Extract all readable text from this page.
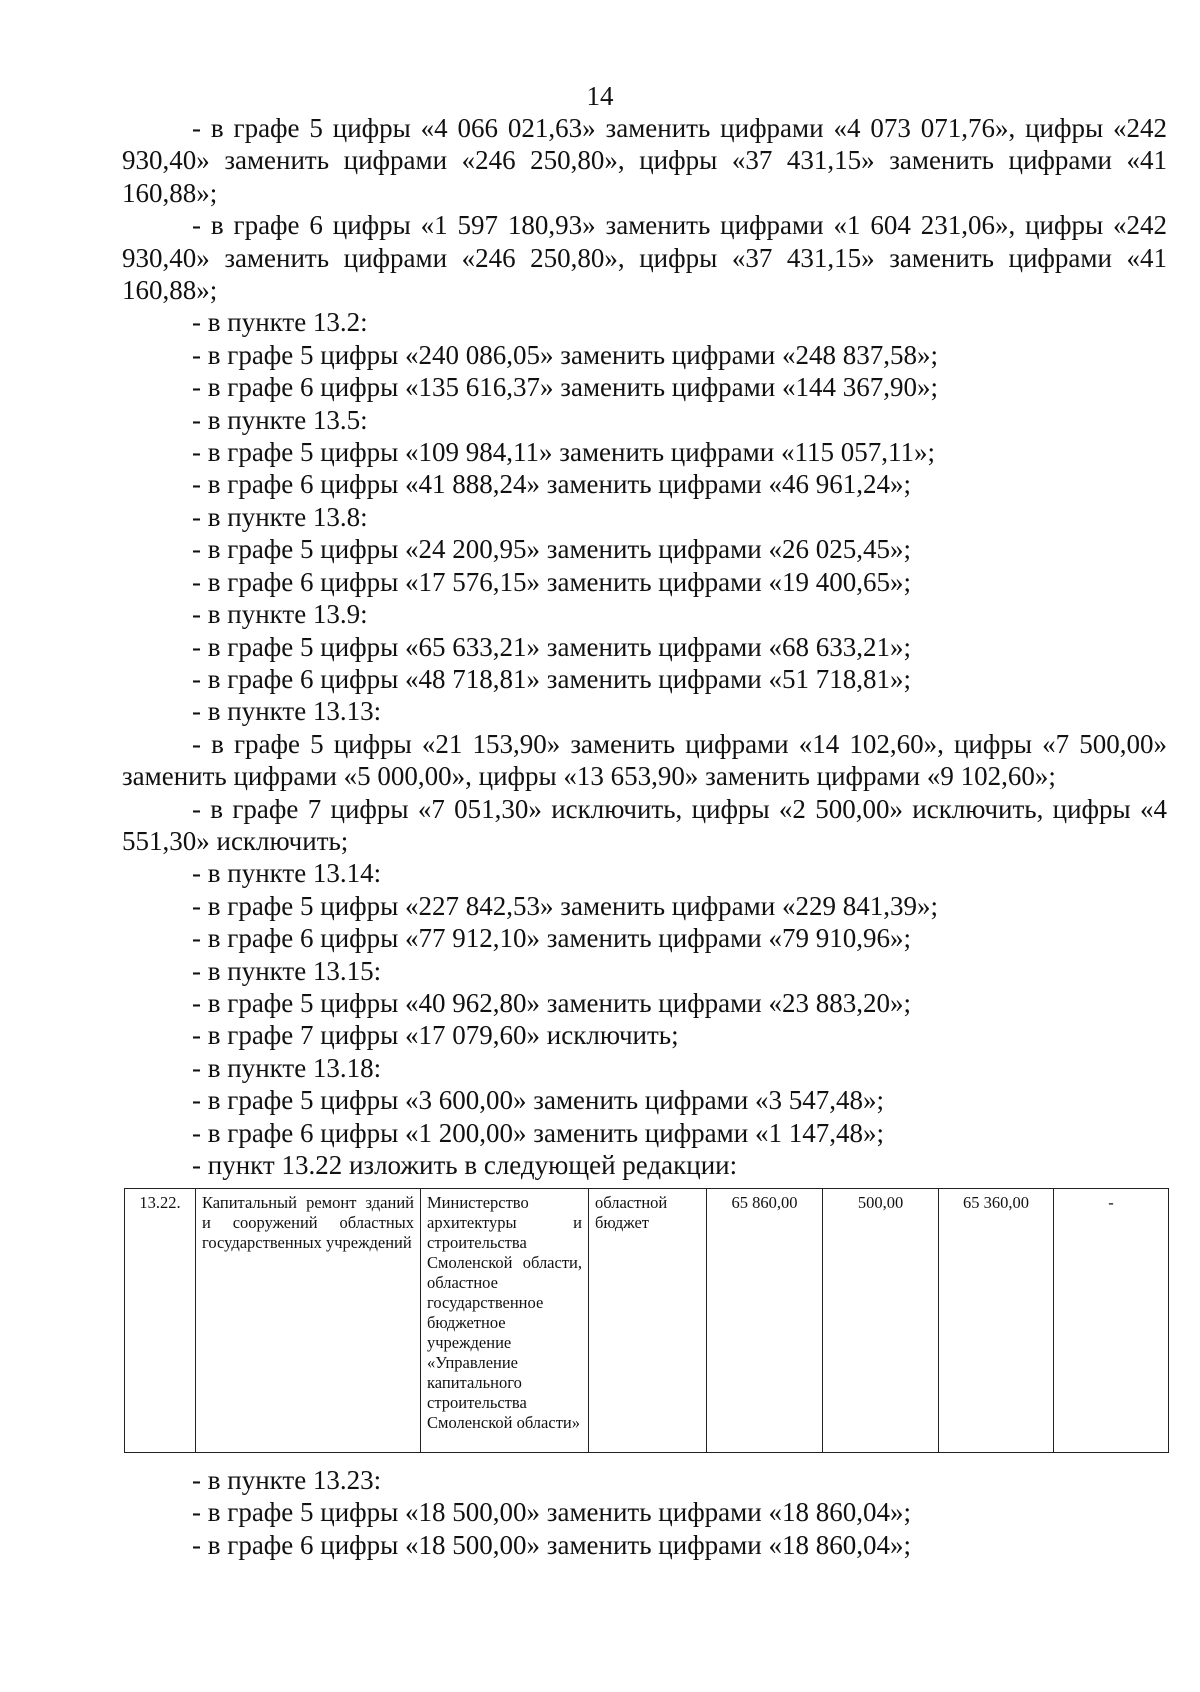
14

- в графе 5 цифры «4 066 021,63» заменить цифрами «4 073 071,76», цифры «242 930,40» заменить цифрами «246 250,80», цифры «37 431,15» заменить цифрами «41 160,88»;

- в графе 6 цифры «1 597 180,93» заменить цифрами «1 604 231,06», цифры «242 930,40» заменить цифрами «246 250,80», цифры «37 431,15» заменить цифрами «41 160,88»;

- в пункте 13.2:

- в графе 5 цифры «240 086,05» заменить цифрами «248 837,58»;

- в графе 6 цифры «135 616,37» заменить цифрами «144 367,90»;

- в пункте 13.5:

- в графе 5 цифры «109 984,11» заменить цифрами «115 057,11»;

- в графе 6 цифры «41 888,24» заменить цифрами «46 961,24»;

- в пункте 13.8:

- в графе 5 цифры «24 200,95» заменить цифрами «26 025,45»;

- в графе 6 цифры «17 576,15» заменить цифрами «19 400,65»;

- в пункте 13.9:

- в графе 5 цифры «65 633,21» заменить цифрами «68 633,21»;

- в графе 6 цифры «48 718,81» заменить цифрами «51 718,81»;

- в пункте 13.13:

- в графе 5 цифры «21 153,90» заменить цифрами «14 102,60», цифры «7 500,00» заменить цифрами «5 000,00», цифры «13 653,90» заменить цифрами «9 102,60»;

- в графе 7 цифры «7 051,30» исключить, цифры «2 500,00» исключить, цифры «4 551,30» исключить;

- в пункте 13.14:

- в графе 5 цифры «227 842,53» заменить цифрами «229 841,39»;

- в графе 6 цифры «77 912,10» заменить цифрами «79 910,96»;

- в пункте 13.15:

- в графе 5 цифры «40 962,80» заменить цифрами «23 883,20»;

- в графе 7 цифры «17 079,60» исключить;

- в пункте 13.18:

- в графе 5 цифры «3 600,00» заменить цифрами «3 547,48»;

- в графе 6 цифры «1 200,00» заменить цифрами «1 147,48»;

- пункт 13.22 изложить в следующей редакции:

13.22.	Капитальный ремонт зданий и сооружений областных государственных учреждений	Министерство архитектуры и строительства Смоленской области, областное государственное бюджетное учреждение «Управление капитального строительства Смоленской области»	областной бюджет	65 860,00	500,00	65 360,00	-

- в пункте 13.23:

- в графе 5 цифры «18 500,00» заменить цифрами «18 860,04»;

- в графе 6 цифры «18 500,00» заменить цифрами «18 860,04»;
